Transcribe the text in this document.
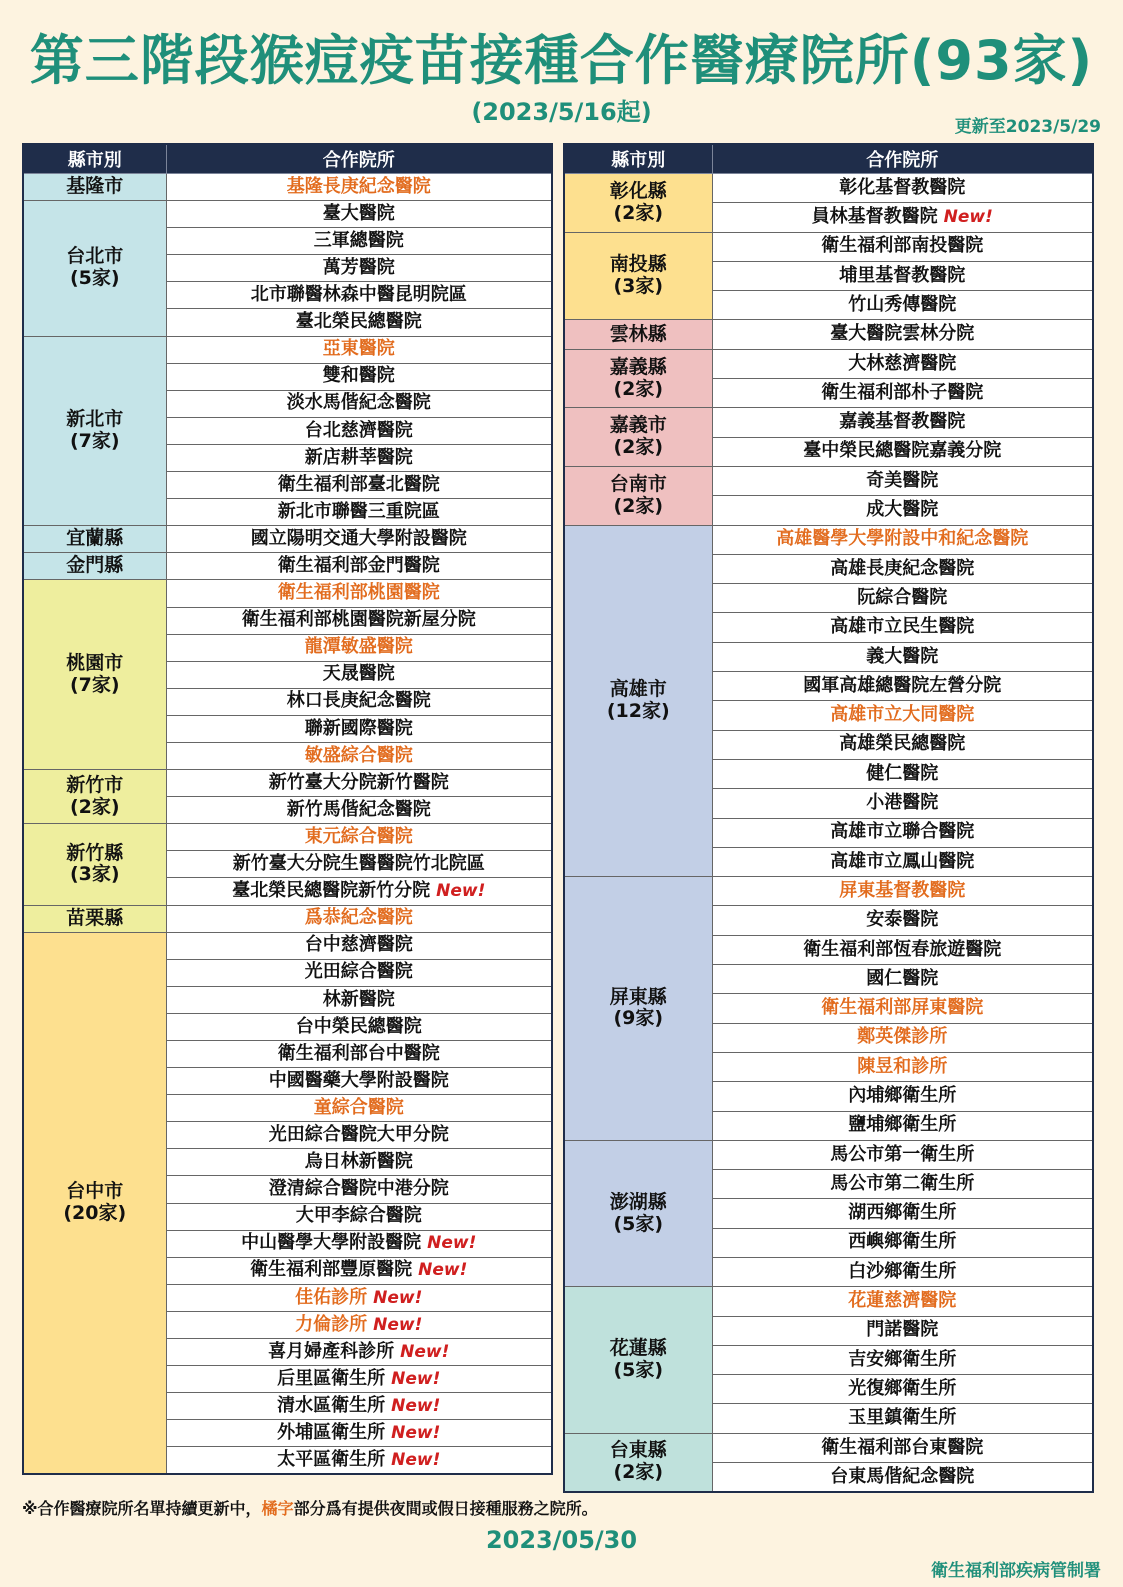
第三階段猴痘疫苗接種合作醫療院所(93家)
(2023/5/16起)
更新至2023/5/29
縣市別	合作院所

基隆市	基隆長庚紀念醫院

台北市
(5家)	臺大醫院
	三軍總醫院
	萬芳醫院
	北市聯醫林森中醫昆明院區
	臺北榮民總醫院

新北市
(7家)	亞東醫院
	雙和醫院
	淡水馬偕紀念醫院
	台北慈濟醫院
	新店耕莘醫院
	衛生福利部臺北醫院
	新北市聯醫三重院區

宜蘭縣	國立陽明交通大學附設醫院

金門縣	衛生福利部金門醫院

桃園市
(7家)	衛生福利部桃園醫院
	衛生福利部桃園醫院新屋分院
	龍潭敏盛醫院
	天晟醫院
	林口長庚紀念醫院
	聯新國際醫院
	敏盛綜合醫院

新竹市
(2家)	新竹臺大分院新竹醫院
	新竹馬偕紀念醫院

新竹縣
(3家)	東元綜合醫院
	新竹臺大分院生醫醫院竹北院區
	臺北榮民總醫院新竹分院 New!

苗栗縣	爲恭紀念醫院

台中市
(20家)	台中慈濟醫院
	光田綜合醫院
	林新醫院
	台中榮民總醫院
	衛生福利部台中醫院
	中國醫藥大學附設醫院
	童綜合醫院
	光田綜合醫院大甲分院
	烏日林新醫院
	澄清綜合醫院中港分院
	大甲李綜合醫院
	中山醫學大學附設醫院 New!
	衛生福利部豐原醫院 New!
	佳佑診所 New!
	力倫診所 New!
	喜月婦產科診所 New!
	后里區衛生所 New!
	清水區衛生所 New!
	外埔區衛生所 New!
	太平區衛生所 New!
縣市別	合作院所

彰化縣
(2家)	彰化基督教醫院
	員林基督教醫院 New!

南投縣
(3家)	衛生福利部南投醫院
	埔里基督教醫院
	竹山秀傳醫院

雲林縣	臺大醫院雲林分院

嘉義縣
(2家)	大林慈濟醫院
	衛生福利部朴子醫院

嘉義市
(2家)	嘉義基督教醫院
	臺中榮民總醫院嘉義分院

台南市
(2家)	奇美醫院
	成大醫院

高雄市
(12家)	高雄醫學大學附設中和紀念醫院
	高雄長庚紀念醫院
	阮綜合醫院
	高雄市立民生醫院
	義大醫院
	國軍高雄總醫院左營分院
	高雄市立大同醫院
	高雄榮民總醫院
	健仁醫院
	小港醫院
	高雄市立聯合醫院
	高雄市立鳳山醫院

屏東縣
(9家)	屏東基督教醫院
	安泰醫院
	衛生福利部恆春旅遊醫院
	國仁醫院
	衛生福利部屏東醫院
	鄭英傑診所
	陳昱和診所
	內埔鄉衛生所
	鹽埔鄉衛生所

澎湖縣
(5家)	馬公市第一衛生所
	馬公市第二衛生所
	湖西鄉衛生所
	西嶼鄉衛生所
	白沙鄉衛生所

花蓮縣
(5家)	花蓮慈濟醫院
	門諾醫院
	吉安鄉衛生所
	光復鄉衛生所
	玉里鎮衛生所

台東縣
(2家)	衛生福利部台東醫院
	台東馬偕紀念醫院
※合作醫療院所名單持續更新中，橘字部分爲有提供夜間或假日接種服務之院所。
2023/05/30
衛生福利部疾病管制署
